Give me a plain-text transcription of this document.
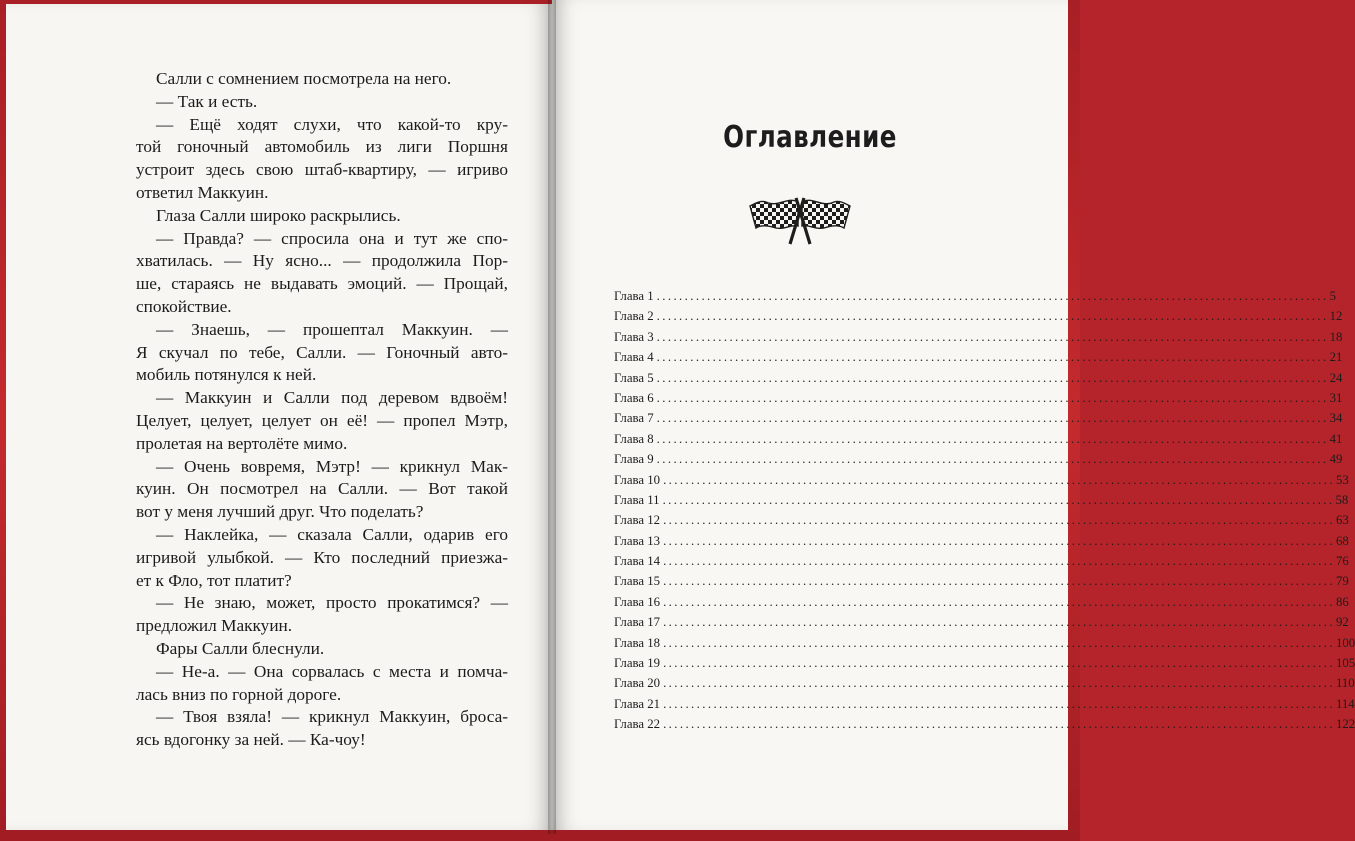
Салли с сомнением посмотрела на него.
— Так и есть.
— Ещё ходят слухи, что какой-то кру-
той гоночный автомобиль из лиги Поршня
устроит здесь свою штаб-квартиру, — игриво
ответил Маккуин.
Глаза Салли широко раскрылись.
— Правда? — спросила она и тут же спо-
хватилась. — Ну ясно... — продолжила Пор-
ше, стараясь не выдавать эмоций. — Прощай,
спокойствие.
— Знаешь, — прошептал Маккуин. —
Я скучал по тебе, Салли. — Гоночный авто-
мобиль потянулся к ней.
— Маккуин и Салли под деревом вдвоём!
Целует, целует, целует он её! — пропел Мэтр,
пролетая на вертолёте мимо.
— Очень вовремя, Мэтр! — крикнул Мак-
куин. Он посмотрел на Салли. — Вот такой
вот у меня лучший друг. Что поделать?
— Наклейка, — сказала Салли, одарив его
игривой улыбкой. — Кто последний приезжа-
ет к Фло, тот платит?
— Не знаю, может, просто прокатимся? —
предложил Маккуин.
Фары Салли блеснули.
— Не-а. — Она сорвалась с места и помча-
лась вниз по горной дороге.
— Твоя взяла! — крикнул Маккуин, броса-
ясь вдогонку за ней. — Ка-чоу!
Оглавление
Глава 1 ........................................................................................................................ 5
Глава 2 ........................................................................................................................ 12
Глава 3 ........................................................................................................................ 18
Глава 4 ........................................................................................................................ 21
Глава 5 ........................................................................................................................ 24
Глава 6 ........................................................................................................................ 31
Глава 7 ........................................................................................................................ 34
Глава 8 ........................................................................................................................ 41
Глава 9 ........................................................................................................................ 49
Глава 10 ........................................................................................................................ 53
Глава 11 ........................................................................................................................ 58
Глава 12 ........................................................................................................................ 63
Глава 13 ........................................................................................................................ 68
Глава 14 ........................................................................................................................ 76
Глава 15 ........................................................................................................................ 79
Глава 16 ........................................................................................................................ 86
Глава 17 ........................................................................................................................ 92
Глава 18 ........................................................................................................................ 100
Глава 19 ........................................................................................................................ 105
Глава 20 ........................................................................................................................ 110
Глава 21 ........................................................................................................................ 114
Глава 22 ........................................................................................................................ 122
